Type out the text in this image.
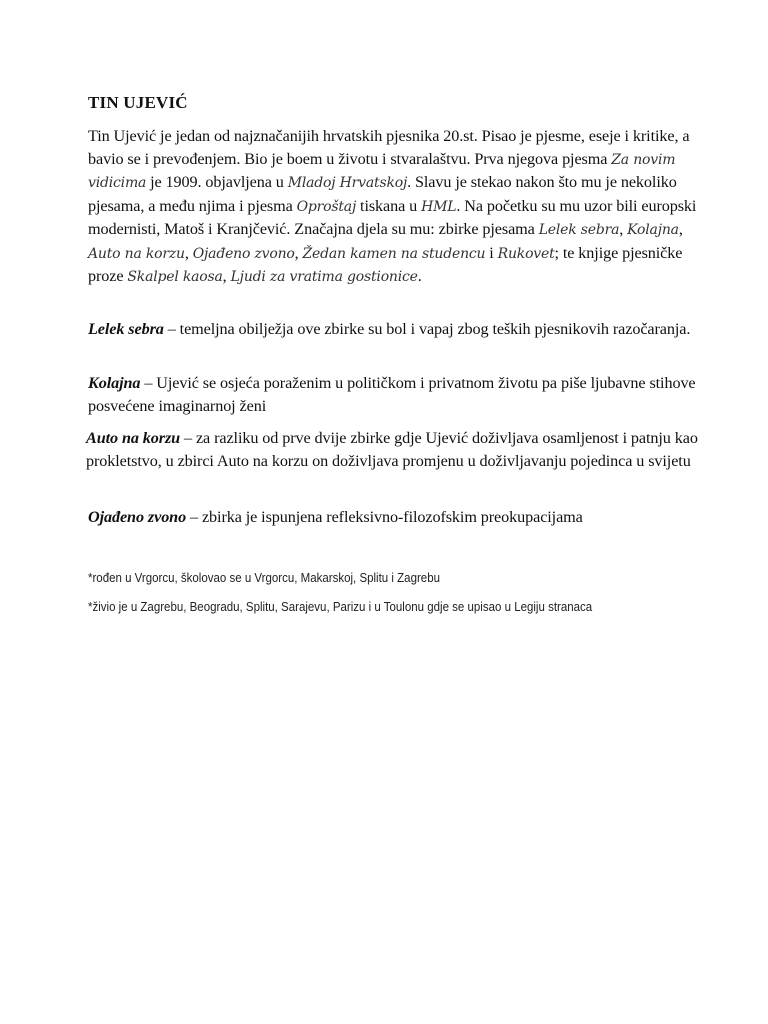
TIN UJEVIĆ
Tin Ujević je jedan od najznačanijih hrvatskih pjesnika 20.st. Pisao je pjesme, eseje i kritike, a bavio se i prevođenjem. Bio je boem u životu i stvaralaštvu. Prva njegova pjesma Za novim vidicima je 1909. objavljena u Mladoj Hrvatskoj. Slavu je stekao nakon što mu je nekoliko pjesama, a među njima i pjesma Oproštaj tiskana u HML. Na početku su mu uzor bili europski modernisti, Matoš i Kranjčević. Značajna djela su mu: zbirke pjesama Lelek sebra, Kolajna, Auto na korzu, Ojađeno zvono, Žedan kamen na studencu i Rukovet; te knjige pjesničke proze Skalpel kaosa, Ljudi za vratima gostionice.
Lelek sebra – temeljna obilježja ove zbirke su bol i vapaj zbog teških pjesnikovih razočaranja.
Kolajna – Ujević se osjeća poraženim u političkom i privatnom životu pa piše ljubavne stihove posvećene imaginarnoj ženi
Auto na korzu – za razliku od prve dvije zbirke gdje Ujević doživljava osamljenost i patnju kao prokletstvo, u zbirci Auto na korzu on doživljava promjenu u doživljavanju pojedinca u svijetu
Ojađeno zvono – zbirka je ispunjena refleksivno-filozofskim preokupacijama
*rođen u Vrgorcu, školovao se u Vrgorcu, Makarskoj, Splitu i Zagrebu
*živio je u Zagrebu, Beogradu, Splitu, Sarajevu, Parizu i u Toulonu gdje se upisao u Legiju stranaca
